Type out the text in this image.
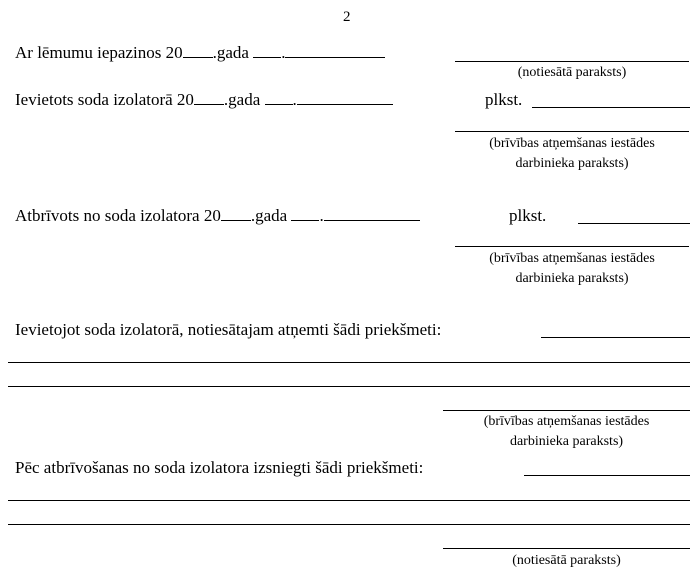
2
Ar lēmumu iepazinos 20 .gada .
(notiesātā paraksts)
Ievietots soda izolatorā 20 .gada .	plkst.
(brīvības atņemšanas iestādes
darbinieka paraksts)
Atbrīvots no soda izolatora 20 .gada .	plkst.
(brīvības atņemšanas iestādes
darbinieka paraksts)
Ievietojot soda izolatorā, notiesātajam atņemti šādi priekšmeti:
(brīvības atņemšanas iestādes
darbinieka paraksts)
Pēc atbrīvošanas no soda izolatora izsniegti šādi priekšmeti:
(notiesātā paraksts)
